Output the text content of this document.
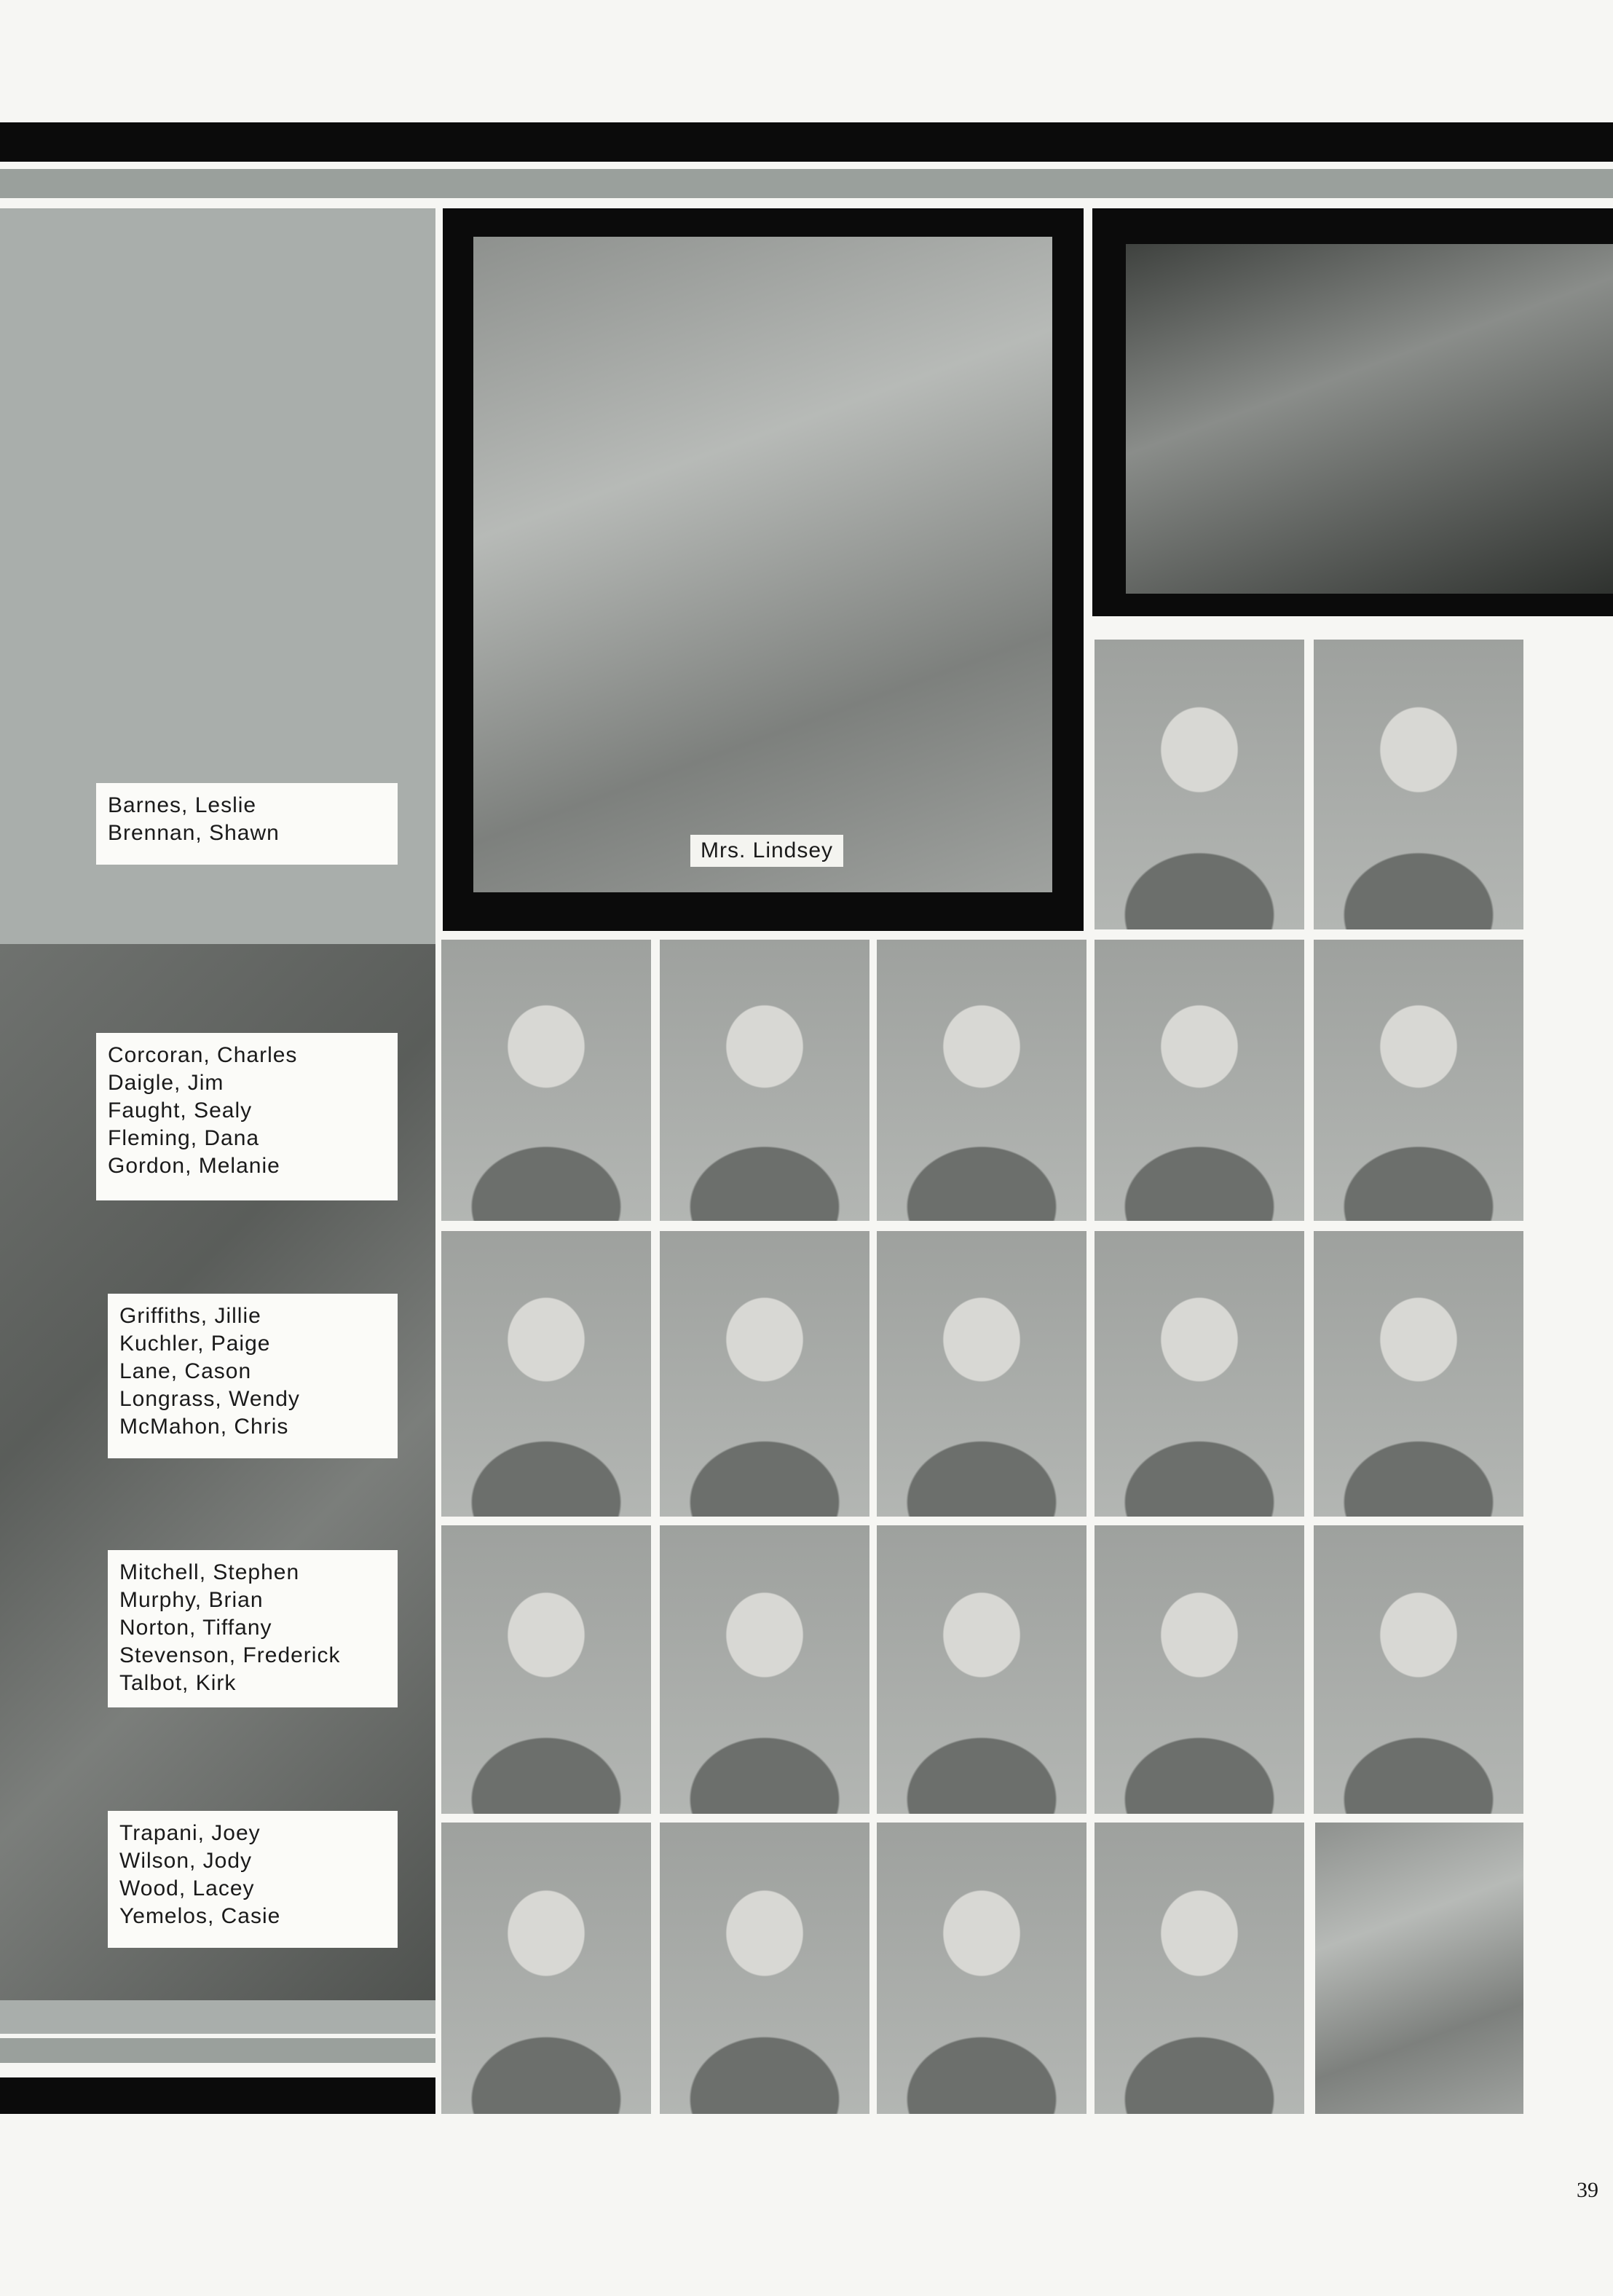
Barnes, Leslie
Brennan, Shawn
Corcoran, Charles
Daigle, Jim
Faught, Sealy
Fleming, Dana
Gordon, Melanie
Griffiths, Jillie
Kuchler, Paige
Lane, Cason
Longrass, Wendy
McMahon, Chris
Mitchell, Stephen
Murphy, Brian
Norton, Tiffany
Stevenson, Frederick
Talbot, Kirk
Trapani, Joey
Wilson, Jody
Wood, Lacey
Yemelos, Casie
Mrs. Lindsey
39
